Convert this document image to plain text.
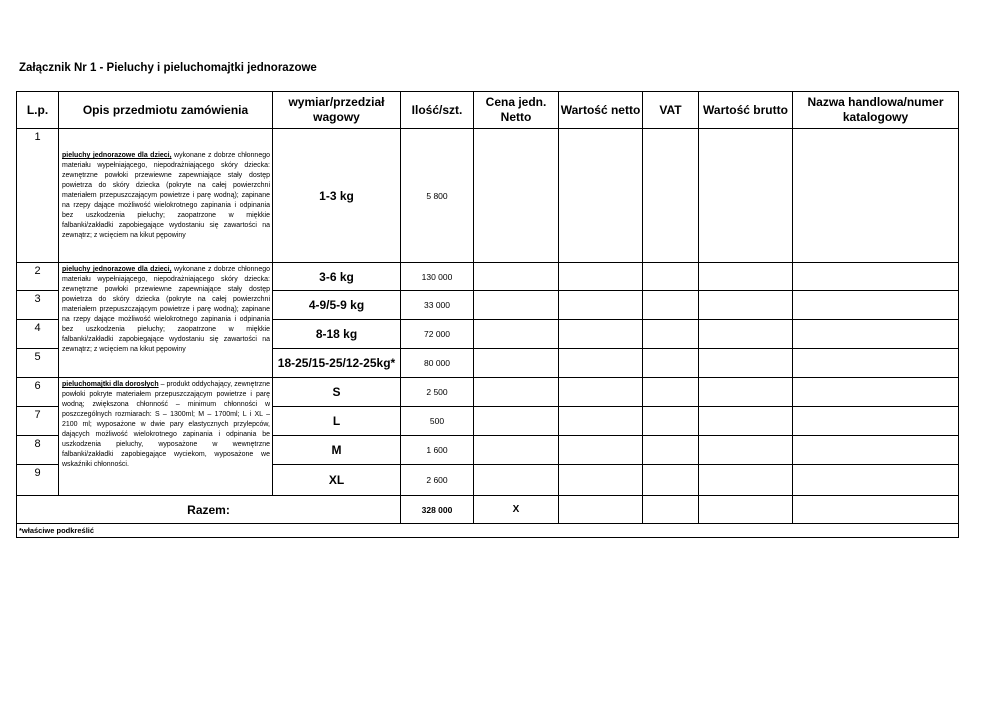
Załącznik Nr 1 - Pieluchy i pieluchomajtki jednorazowe
L.p.	Opis przedmiotu zamówienia	wymiar/przedział wagowy	Ilość/szt.	Cena jedn. Netto	Wartość netto	VAT	Wartość brutto	Nazwa handlowa/numer katalogowy
1	pieluchy jednorazowe dla dzieci, wykonane z dobrze chłonnego materiału wypełniającego, niepodrażniającego skóry dziecka: zewnętrzne powłoki przewiewne zapewniające stały dostęp powietrza do skóry dziecka (pokryte na całej powierzchni materiałem przepuszczającym powietrze i parę wodną); zapinane na rzepy dające możliwość wielokrotnego zapinania i odpinania bez uszkodzenia pieluchy; zaopatrzone w miękkie falbanki/zakładki zapobiegające wydostaniu się zawartości na zewnątrz; z wcięciem na kikut pępowiny	1-3 kg	5 800					
2	pieluchy jednorazowe dla dzieci, wykonane z dobrze chłonnego materiału wypełniającego, niepodrażniającego skóry dziecka: zewnętrzne powłoki przewiewne zapewniające stały dostęp powietrza do skóry dziecka (pokryte na całej powierzchni materiałem przepuszczającym powietrze i parę wodną); zapinane na rzepy dające możliwość wielokrotnego zapinania i odpinania bez uszkodzenia pieluchy; zaopatrzone w miękkie falbanki/zakładki zapobiegające wydostaniu się zawartości na zewnątrz; z wcięciem na kikut pępowiny	3-6 kg	130 000					
3		4-9/5-9 kg	33 000					
4		8-18 kg	72 000					
5		18-25/15-25/12-25kg*	80 000					
6	pieluchomajtki dla dorosłych – produkt oddychający, zewnętrzne powłoki pokryte materiałem przepuszczającym powietrze i parę wodną; zwiększona chłonność – minimum chłonności w poszczególnych rozmiarach: S – 1300ml; M – 1700ml; L i XL – 2100 ml; wyposażone w dwie pary elastycznych przylepców, dających możliwość wielokrotnego zapinania i odpinania be uszkodzenia pieluchy, wyposażone w wewnętrzne falbanki/zakładki zapobiegające wyciekom, wyposażone we wskaźniki chłonności.	S	2 500					
7		L	500					
8		M	1 600					
9		XL	2 600					
Razem:			328 000	X				
*właściwe podkreślić								
